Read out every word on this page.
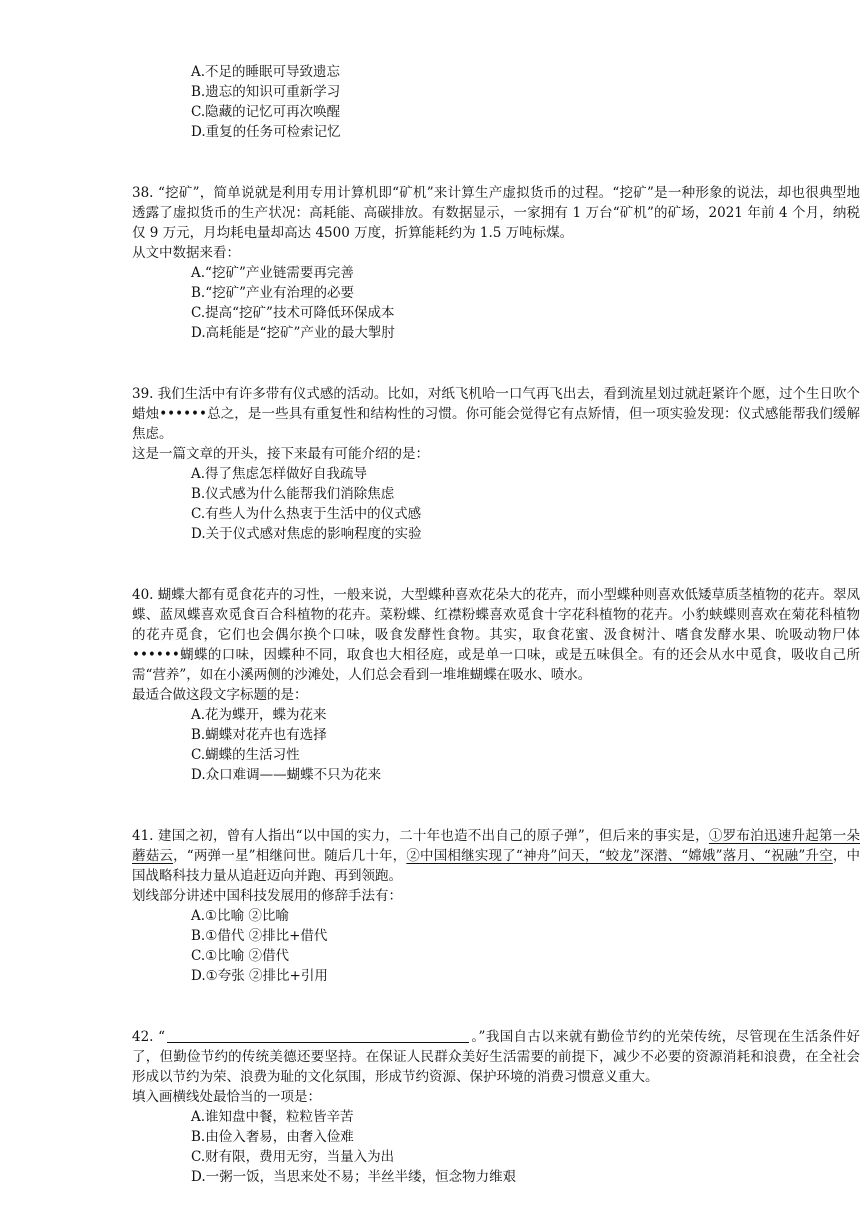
A.不足的睡眠可导致遗忘
B.遗忘的知识可重新学习
C.隐藏的记忆可再次唤醒
D.重复的任务可检索记忆

38. “挖矿”，简单说就是利用专用计算机即“矿机”来计算生产虚拟货币的过程。“挖矿”是一种形象的说法，却也很典型地透露了虚拟货币的生产状况：高耗能、高碳排放。有数据显示，一家拥有 1 万台“矿机”的矿场，2021 年前 4 个月，纳税仅 9 万元，月均耗电量却高达 4500 万度，折算能耗约为 1.5 万吨标煤。

从文中数据来看：
A.“挖矿”产业链需要再完善
B.“挖矿”产业有治理的必要
C.提高“挖矿”技术可降低环保成本
D.高耗能是“挖矿”产业的最大掣肘

39. 我们生活中有许多带有仪式感的活动。比如，对纸飞机哈一口气再飞出去，看到流星划过就赶紧许个愿，过个生日吹个蜡烛••••••总之，是一些具有重复性和结构性的习惯。你可能会觉得它有点矫情，但一项实验发现：仪式感能帮我们缓解焦虑。

这是一篇文章的开头，接下来最有可能介绍的是：
A.得了焦虑怎样做好自我疏导
B.仪式感为什么能帮我们消除焦虑
C.有些人为什么热衷于生活中的仪式感
D.关于仪式感对焦虑的影响程度的实验

40. 蝴蝶大都有觅食花卉的习性，一般来说，大型蝶种喜欢花朵大的花卉，而小型蝶种则喜欢低矮草质茎植物的花卉。翠凤蝶、蓝凤蝶喜欢觅食百合科植物的花卉。菜粉蝶、红襟粉蝶喜欢觅食十字花科植物的花卉。小豹蛱蝶则喜欢在菊花科植物的花卉觅食，它们也会偶尔换个口味，吸食发酵性食物。其实，取食花蜜、汲食树汁、嗜食发酵水果、吮吸动物尸体••••••蝴蝶的口味，因蝶种不同，取食也大相径庭，或是单一口味，或是五味俱全。有的还会从水中觅食，吸收自己所需“营养”，如在小溪两侧的沙滩处，人们总会看到一堆堆蝴蝶在吸水、喷水。

最适合做这段文字标题的是：
A.花为蝶开，蝶为花来
B.蝴蝶对花卉也有选择
C.蝴蝶的生活习性
D.众口难调——蝴蝶不只为花来

41. 建国之初，曾有人指出“以中国的实力，二十年也造不出自己的原子弹”，但后来的事实是，①罗布泊迅速升起第一朵蘑菇云，“两弹一星”相继问世。随后几十年，②中国相继实现了“神舟”问天，“蛟龙”深潜、“嫦娥”落月、“祝融”升空，中国战略科技力量从追赶迈向并跑、再到领跑。

划线部分讲述中国科技发展用的修辞手法有：
A.①比喻 ②比喻
B.①借代 ②排比+借代
C.①比喻 ②借代
D.①夸张 ②排比+引用

42. “	。”我国自古以来就有勤俭节约的光荣传统，尽管现在生活条件好了，但勤俭节约的传统美德还要坚持。在保证人民群众美好生活需要的前提下，减少不必要的资源消耗和浪费，在全社会形成以节约为荣、浪费为耻的文化氛围，形成节约资源、保护环境的消费习惯意义重大。

填入画横线处最恰当的一项是：
A.谁知盘中餐，粒粒皆辛苦
B.由俭入奢易，由奢入俭难
C.财有限，费用无穷，当量入为出
D.一粥一饭，当思来处不易；半丝半缕，恒念物力维艰
